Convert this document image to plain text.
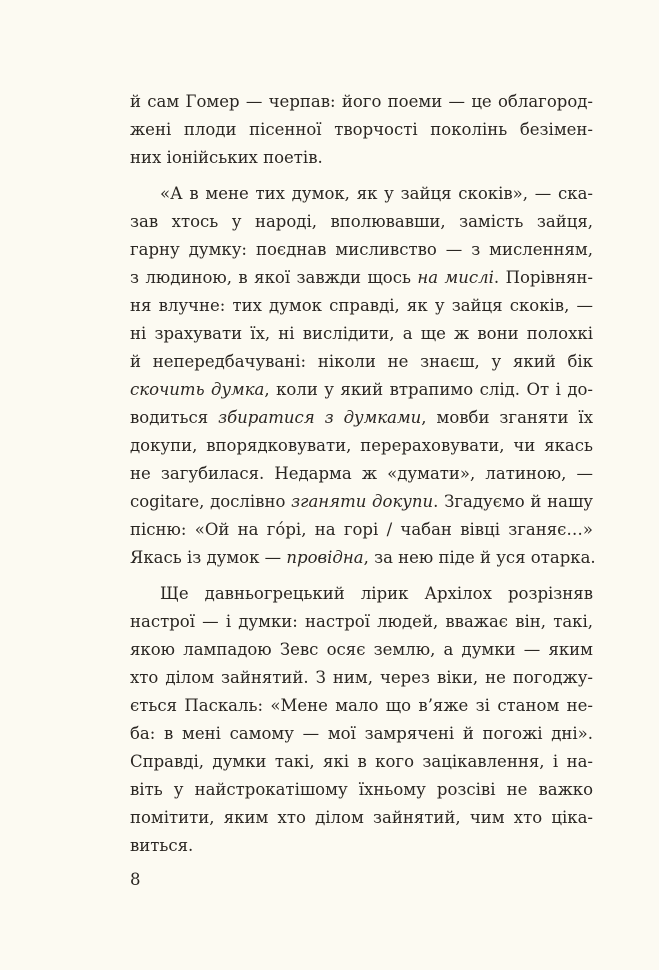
й сам Гомер — черпав: його поеми — це облагород-
жені плоди пісенної творчості поколінь безімен-
них іонійських поетів.
«А в мене тих думок, як у зайця скоків», — ска-
зав хтось у народі, вполювавши, замість зайця,
гарну думку: поєднав мисливство — з мисленням,
з людиною, в якої завжди щось на мислі. Порівнян-
ня влучне: тих думок справді, як у зайця скоків, —
ні зрахувати їх, ні вислідити, а ще ж вони полохкі
й непередбачувані: ніколи не знаєш, у який бік
скочить думка, коли у який втрапимо слід. От і до-
водиться збиратися з думками, мовби зганяти їх
докупи, впорядковувати, перераховувати, чи якась
не загубилася. Недарма ж «думати», латиною, —
cogitare, дослівно зганяти докупи. Згадуємо й нашу
пісню: «Ой на гóрі, на горі / чабан вівці зганяє…»
Якась із думок — провідна, за нею піде й уся отарка.
Ще давньогрецький лірик Архілох розрізняв
настрої — і думки: настрої людей, вважає він, такі,
якою лампадою Зевс осяє землю, а думки — яким
хто ділом зайнятий. З ним, через віки, не погоджу-
ється Паскаль: «Мене мало що в’яже зі станом не-
ба: в мені самому — мої замрячені й погожі дні».
Справді, думки такі, які в кого зацікавлення, і на-
віть у найстрокатішому їхньому розсіві не важко
помітити, яким хто ділом зайнятий, чим хто ціка-
виться.
8
